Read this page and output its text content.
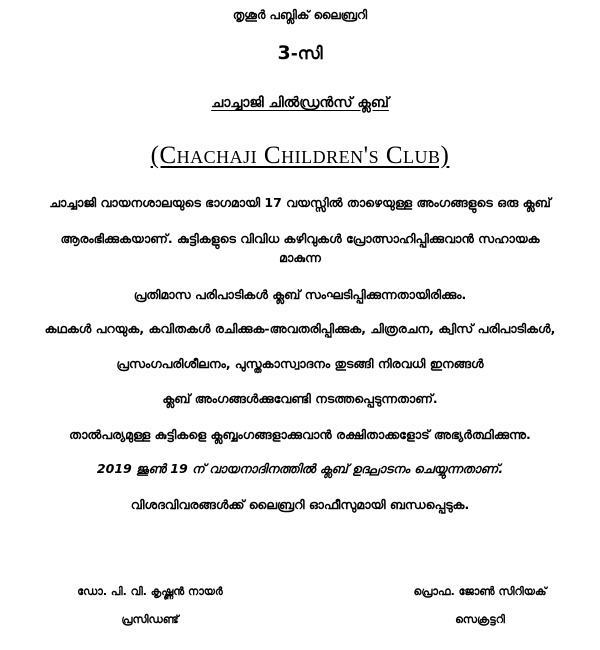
തൃശൂർ പബ്ലിക് ലൈബ്രറി
3-സി
ചാച്ചാജി ചിൽഡ്രൻസ് ക്ലബ്
(Chachaji Children's Club)
ചാച്ചാജി വായനശാലയുടെ ഭാഗമായി 17 വയസ്സിൽ താഴെയുള്ള അംഗങ്ങളുടെ ഒരു ക്ലബ്
ആരംഭിക്കുകയാണ്. കുട്ടികളുടെ വിവിധ കഴിവുകൾ പ്രോത്സാഹിപ്പിക്കുവാൻ സഹായക
മാകുന്ന
പ്രതിമാസ പരിപാടികൾ ക്ലബ് സംഘടിപ്പിക്കുന്നതായിരിക്കും.
കഥകൾ പറയുക, കവിതകൾ രചിക്കുക-അവതരിപ്പിക്കുക, ചിത്രരചന, ക്വിസ് പരിപാടികൾ,
പ്രസംഗപരിശീലനം, പുസ്തകാസ്വാദനം തുടങ്ങി നിരവധി ഇനങ്ങൾ
ക്ലബ് അംഗങ്ങൾക്കുവേണ്ടി നടത്തപ്പെടുന്നതാണ്.
താൽപര്യമുള്ള കുട്ടികളെ ക്ലബ്ബംഗങ്ങളാക്കുവാൻ രക്ഷിതാക്കളോട് അഭ്യർത്ഥിക്കുന്നു.
2019 ജൂൺ 19 ന് വായനാദിനത്തിൽ ക്ലബ് ഉദ്ഘാടനം ചെയ്യുന്നതാണ്.
വിശദവിവരങ്ങൾക്ക് ലൈബ്രറി ഓഫീസുമായി ബന്ധപ്പെടുക.
ഡോ. പി. വി. കൃഷ്ണൻ നായർ
പ്രസിഡണ്ട്
പ്രൊഫ. ജോൺ സിറിയക്
സെക്രട്ടറി
